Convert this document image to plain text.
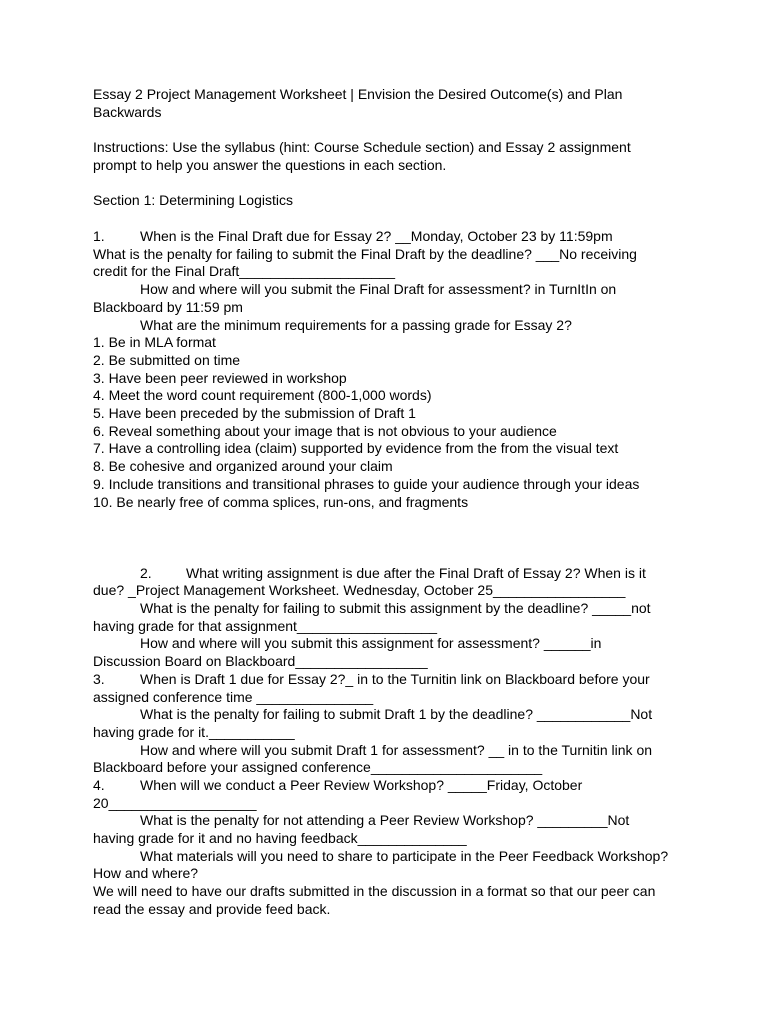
Essay 2 Project Management Worksheet | Envision the Desired Outcome(s) and Plan
Backwards
Instructions: Use the syllabus (hint: Course Schedule section) and Essay 2 assignment
prompt to help you answer the questions in each section.
Section 1: Determining Logistics
1.	When is the Final Draft due for Essay 2? __Monday, October 23 by 11:59pm
What is the penalty for failing to submit the Final Draft by the deadline? ___No receiving
credit for the Final Draft____________________
How and where will you submit the Final Draft for assessment? in TurnItIn on
Blackboard by 11:59 pm
What are the minimum requirements for a passing grade for Essay 2?
1. Be in MLA format
2. Be submitted on time
3. Have been peer reviewed in workshop
4. Meet the word count requirement (800-1,000 words)
5. Have been preceded by the submission of Draft 1
6. Reveal something about your image that is not obvious to your audience
7. Have a controlling idea (claim) supported by evidence from the from the visual text
8. Be cohesive and organized around your claim
9. Include transitions and transitional phrases to guide your audience through your ideas
10. Be nearly free of comma splices, run-ons, and fragments
2. What writing assignment is due after the Final Draft of Essay 2? When is it
due? _Project Management Worksheet. Wednesday, October 25_________________
What is the penalty for failing to submit this assignment by the deadline? _____not
having grade for that assignment__________________
How and where will you submit this assignment for assessment? ______in
Discussion Board on Blackboard_________________
3.	When is Draft 1 due for Essay 2?_ in to the Turnitin link on Blackboard before your
assigned conference time _______________
What is the penalty for failing to submit Draft 1 by the deadline? ____________Not
having grade for it.___________
How and where will you submit Draft 1 for assessment? __ in to the Turnitin link on
Blackboard before your assigned conference______________________
4.	When will we conduct a Peer Review Workshop? _____Friday, October
20___________________
What is the penalty for not attending a Peer Review Workshop? _________Not
having grade for it and no having feedback______________
What materials will you need to share to participate in the Peer Feedback Workshop?
How and where?
We will need to have our drafts submitted in the discussion in a format so that our peer can
read the essay and provide feed back.
